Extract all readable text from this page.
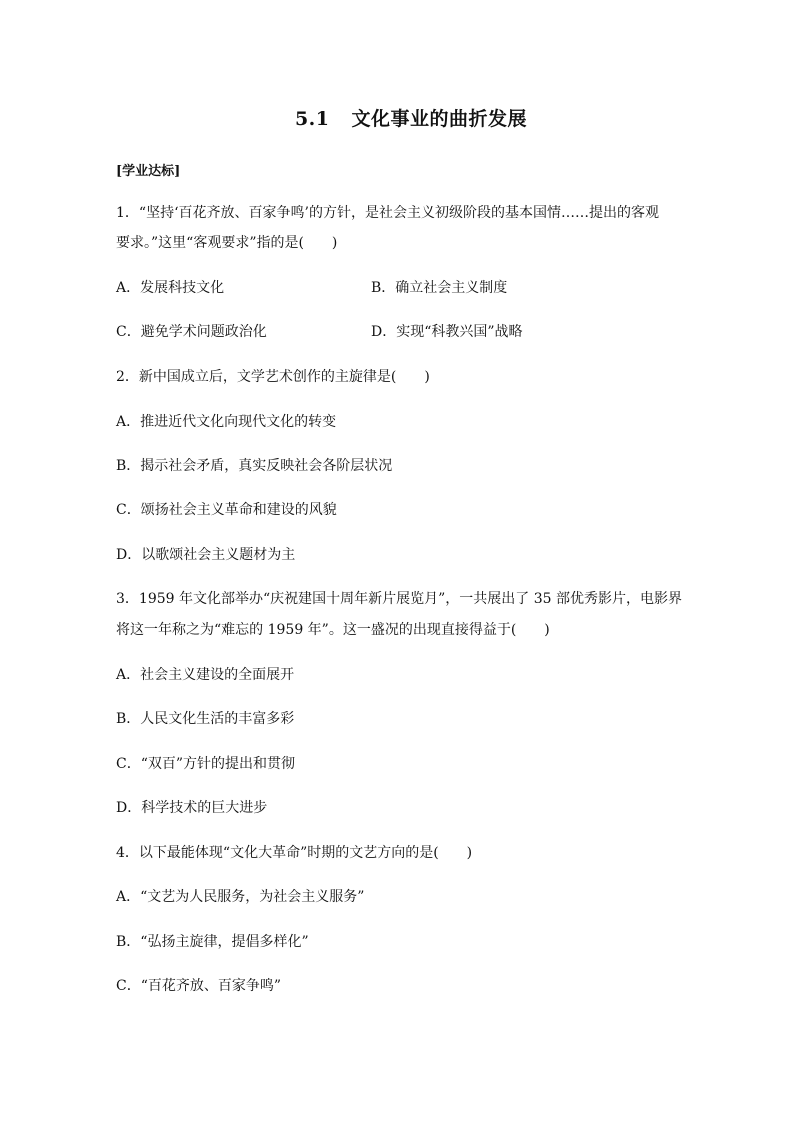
5.1 文化事业的曲折发展
[学业达标]
1．“坚持‘百花齐放、百家争鸣’的方针，是社会主义初级阶段的基本国情……提出的客观
要求。”这里“客观要求”指的是(　　)
A．发展科技文化	B．确立社会主义制度
C．避免学术问题政治化	D．实现“科教兴国”战略
2．新中国成立后，文学艺术创作的主旋律是(　　)
A．推进近代文化向现代文化的转变
B．揭示社会矛盾，真实反映社会各阶层状况
C．颂扬社会主义革命和建设的风貌
D．以歌颂社会主义题材为主
3．1959 年文化部举办“庆祝建国十周年新片展览月”，一共展出了 35 部优秀影片，电影界
将这一年称之为“难忘的 1959 年”。这一盛况的出现直接得益于(　　)
A．社会主义建设的全面展开
B．人民文化生活的丰富多彩
C．“双百”方针的提出和贯彻
D．科学技术的巨大进步
4．以下最能体现“文化大革命”时期的文艺方向的是(　　)
A．“文艺为人民服务，为社会主义服务”
B．“弘扬主旋律，提倡多样化”
C．“百花齐放、百家争鸣”
